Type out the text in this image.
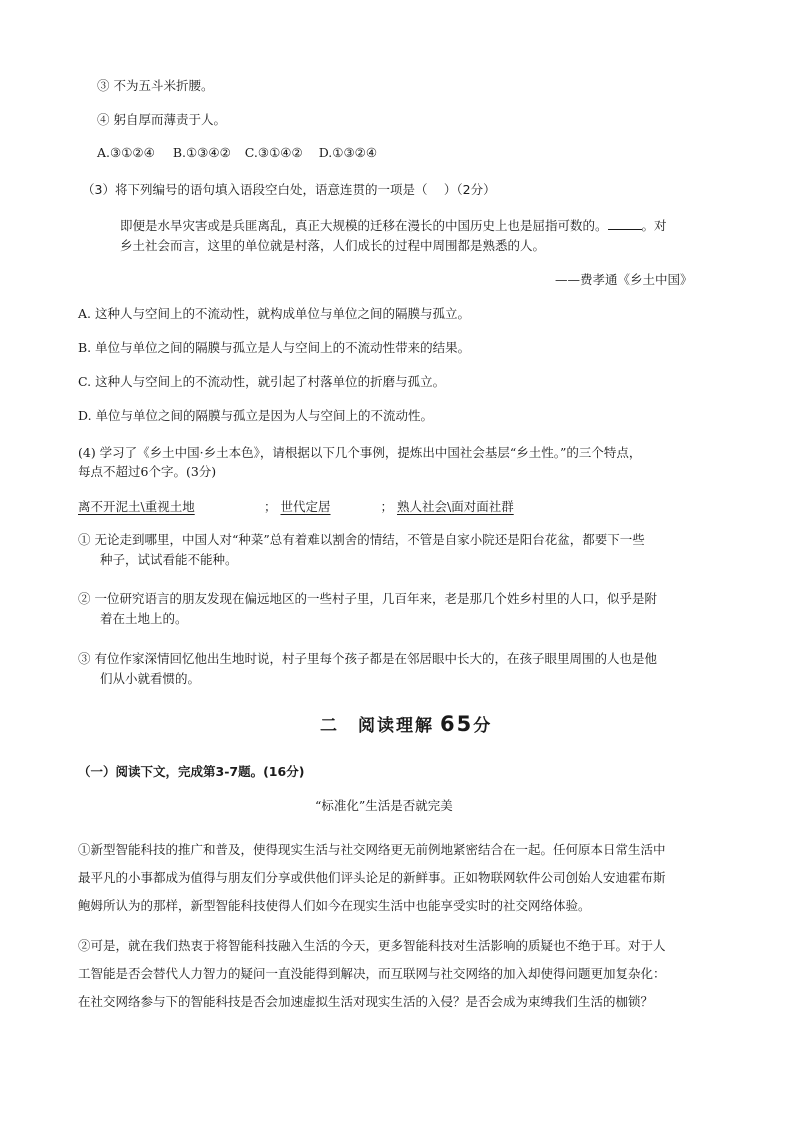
③ 不为五斗米折腰。

④ 躬自厚而薄责于人。

A.③①②④ B.①③④② C.③①④② D.①③②④

（3）将下列编号的语句填入语段空白处，语意连贯的一项是（　 ）（2分）

即便是水旱灾害或是兵匪离乱，真正大规模的迁移在漫长的中国历史上也是屈指可数的。	。对

乡土社会而言，这里的单位就是村落，人们成长的过程中周围都是熟悉的人。

——费孝通《乡土中国》

A. 这种人与空间上的不流动性，就构成单位与单位之间的隔膜与孤立。

B. 单位与单位之间的隔膜与孤立是人与空间上的不流动性带来的结果。

C. 这种人与空间上的不流动性，就引起了村落单位的折磨与孤立。

D. 单位与单位之间的隔膜与孤立是因为人与空间上的不流动性。

(4) 学习了《乡土中国·乡土本色》，请根据以下几个事例，提炼出中国社会基层“乡土性。”的三个特点，

每点不超过6个字。(3分)

离不开泥土\重视土地	； 世代定居	； 熟人社会\面对面社群

① 无论走到哪里，中国人对“种菜”总有着难以割舍的情结，不管是自家小院还是阳台花盆，都要下一些

种子，试试看能不能种。

② 一位研究语言的朋友发现在偏远地区的一些村子里，几百年来，老是那几个姓乡村里的人口，似乎是附

着在土地上的。

③ 有位作家深情回忆他出生地时说，村子里每个孩子都是在邻居眼中长大的，在孩子眼里周围的人也是他

们从小就看惯的。

二　阅读理解 65分

（一）阅读下文，完成第3-7题。(16分)

“标准化”生活是否就完美

①新型智能科技的推广和普及，使得现实生活与社交网络更无前例地紧密结合在一起。任何原本日常生活中

最平凡的小事都成为值得与朋友们分享或供他们评头论足的新鲜事。正如物联网软件公司创始人安迪霍布斯

鲍姆所认为的那样，新型智能科技使得人们如今在现实生活中也能享受实时的社交网络体验。

②可是，就在我们热衷于将智能科技融入生活的今天，更多智能科技对生活影响的质疑也不绝于耳。对于人

工智能是否会替代人力智力的疑问一直没能得到解决，而互联网与社交网络的加入却使得问题更加复杂化：

在社交网络参与下的智能科技是否会加速虚拟生活对现实生活的入侵？是否会成为束缚我们生活的枷锁？
